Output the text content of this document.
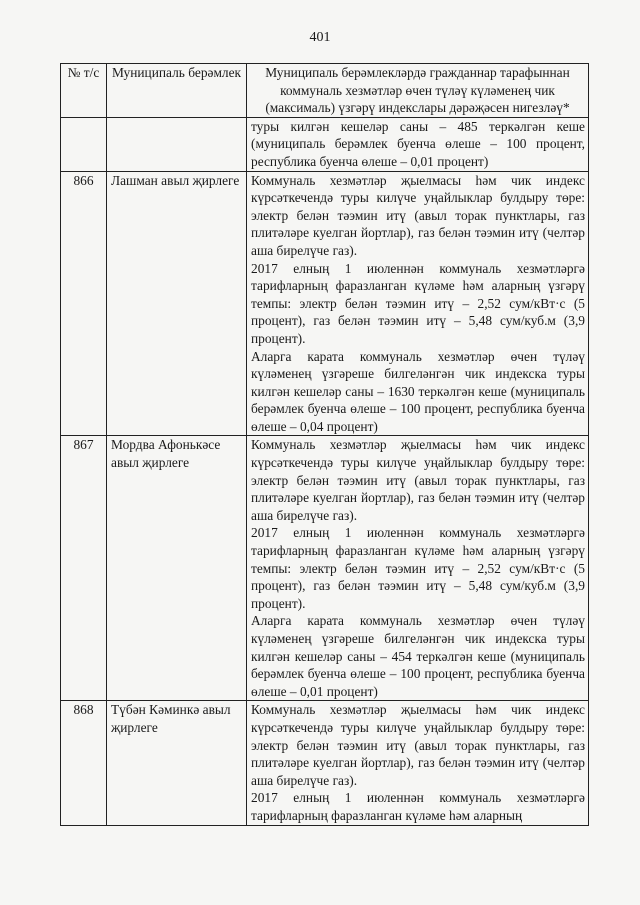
401
№ т/с	Муниципаль берәмлек	Муниципаль берәмлекләрдә гражданнар тарафыннан коммуналь хезмәтләр өчен түләү күләменең чик (максималь) үзгәрү индекслары дәрәҗәсен нигезләү*
		туры килгән кешеләр саны – 485 теркәлгән кеше (муниципаль берәмлек буенча өлеше – 100 процент, республика буенча өлеше – 0,01 процент)
866	Лашман авыл җирлеге	Коммуналь хезмәтләр җыелмасы һәм чик индекс күрсәткечендә туры килүче уңайлыклар булдыру төре: электр белән тәэмин итү (авыл торак пунктлары, газ плитәләре куелган йортлар), газ белән тәэмин итү (челтәр аша бирелүче газ).
2017 елның 1 июленнән коммуналь хезмәтләргә тарифларның фаразланган күләме һәм аларның үзгәрү темпы: электр белән тәэмин итү – 2,52 сум/кВт·с (5 процент), газ белән тәэмин итү – 5,48 сум/куб.м (3,9 процент).
Аларга карата коммуналь хезмәтләр өчен түләү күләменең үзгәреше билгеләнгән чик индекска туры килгән кешеләр саны – 1630 теркәлгән кеше (муниципаль берәмлек буенча өлеше – 100 процент, республика буенча өлеше – 0,04 процент)

867	Мордва Афонькәсе авыл җирлеге	Коммуналь хезмәтләр җыелмасы һәм чик индекс күрсәткечендә туры килүче уңайлыклар булдыру төре: электр белән тәэмин итү (авыл торак пунктлары, газ плитәләре куелган йортлар), газ белән тәэмин итү (челтәр аша бирелүче газ).
2017 елның 1 июленнән коммуналь хезмәтләргә тарифларның фаразланган күләме һәм аларның үзгәрү темпы: электр белән тәэмин итү – 2,52 сум/кВт·с (5 процент), газ белән тәэмин итү – 5,48 сум/куб.м (3,9 процент).
Аларга карата коммуналь хезмәтләр өчен түләү күләменең үзгәреше билгеләнгән чик индекска туры килгән кешеләр саны – 454 теркәлгән кеше (муниципаль берәмлек буенча өлеше – 100 процент, республика буенча өлеше – 0,01 процент)

868	Түбән Кәминкә авыл җирлеге	Коммуналь хезмәтләр җыелмасы һәм чик индекс күрсәткечендә туры килүче уңайлыклар булдыру төре: электр белән тәэмин итү (авыл торак пунктлары, газ плитәләре куелган йортлар), газ белән тәэмин итү (челтәр аша бирелүче газ).
2017 елның 1 июленнән коммуналь хезмәтләргә тарифларның фаразланган күләме һәм аларның
